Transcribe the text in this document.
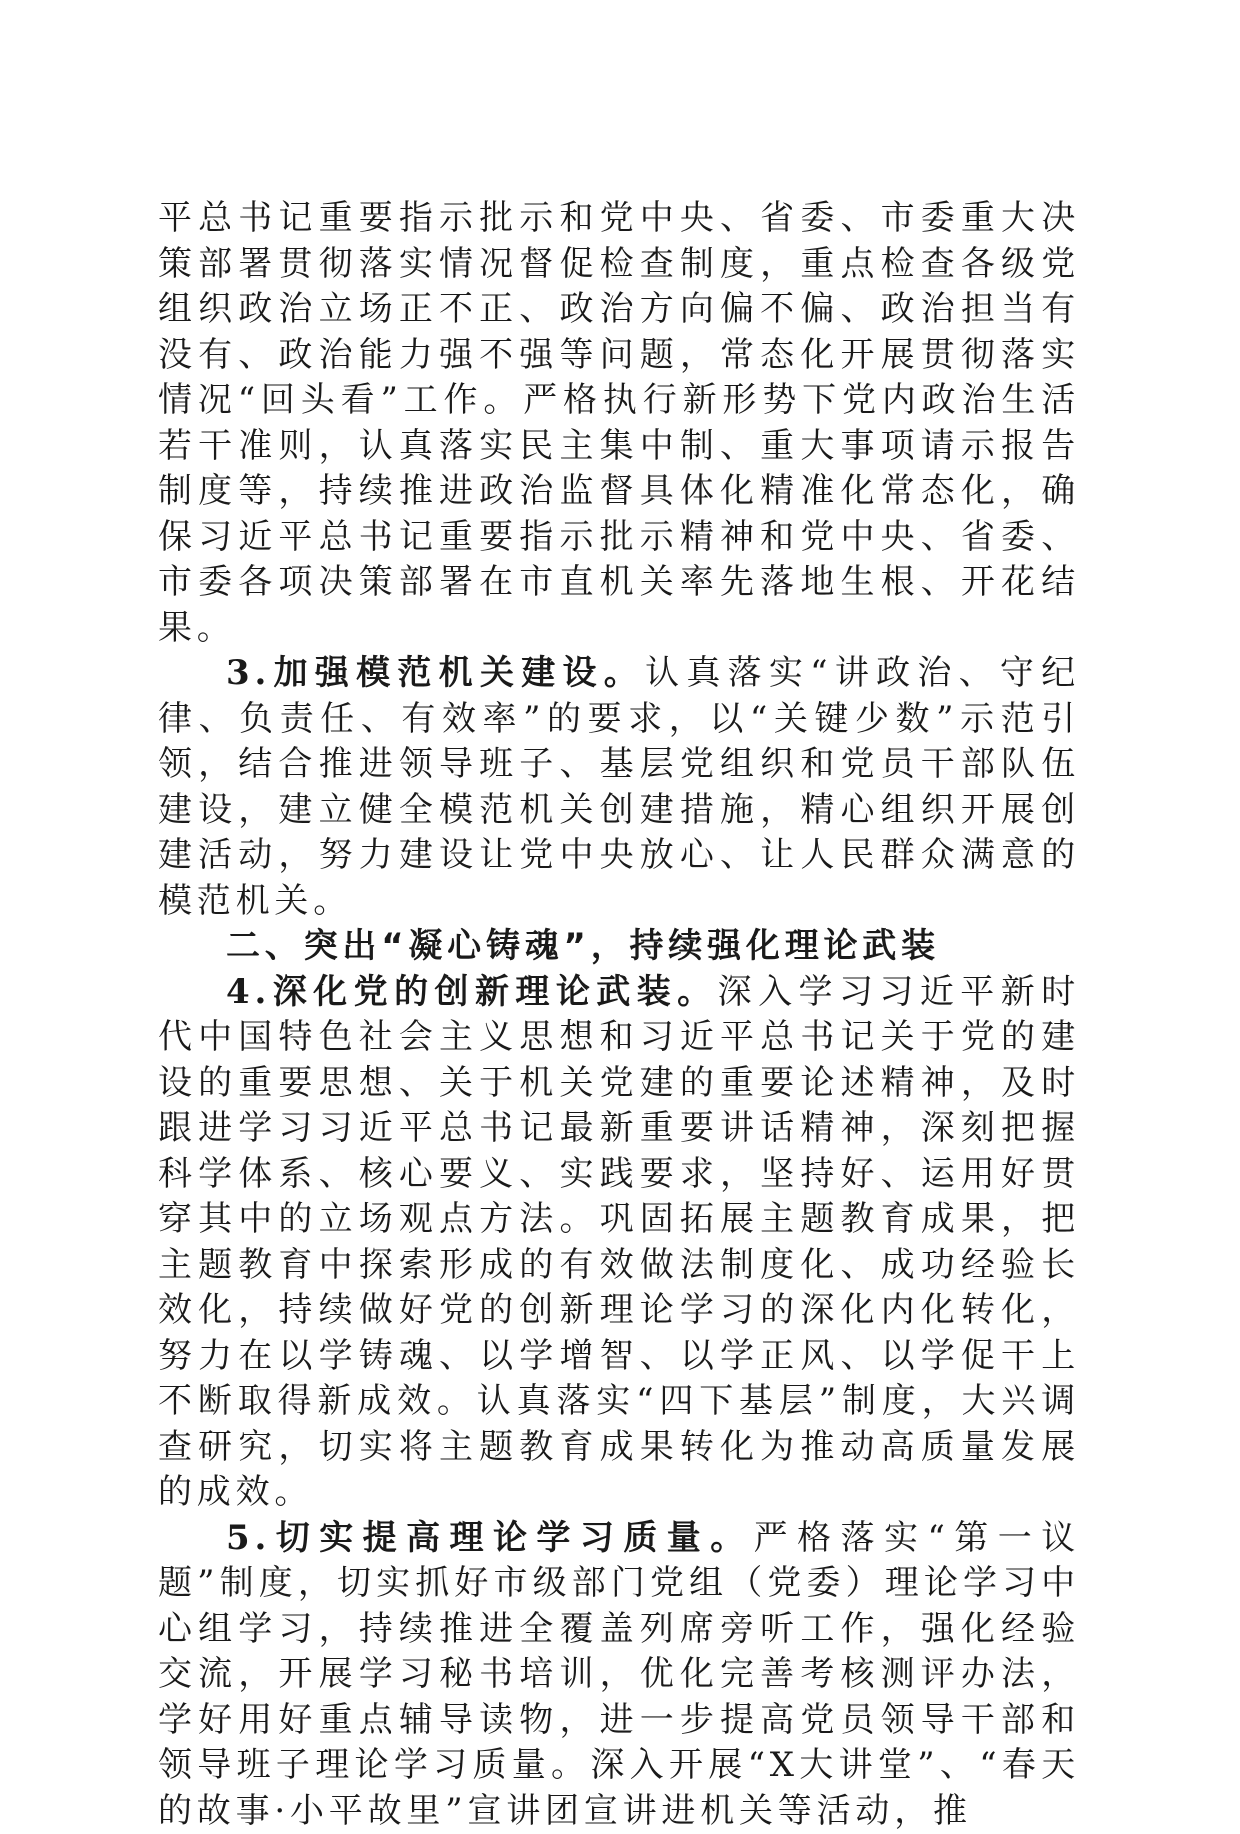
平总书记重要指示批示和党中央、省委、市委重大决策部署贯彻落实情况督促检查制度，重点检查各级党组织政治立场正不正、政治方向偏不偏、政治担当有没有、政治能力强不强等问题，常态化开展贯彻落实情况“回头看”工作。严格执行新形势下党内政治生活若干准则，认真落实民主集中制、重大事项请示报告制度等，持续推进政治监督具体化精准化常态化，确保习近平总书记重要指示批示精神和党中央、省委、市委各项决策部署在市直机关率先落地生根、开花结果。

3.加强模范机关建设。认真落实“讲政治、守纪律、负责任、有效率”的要求，以“关键少数”示范引领，结合推进领导班子、基层党组织和党员干部队伍建设，建立健全模范机关创建措施，精心组织开展创建活动，努力建设让党中央放心、让人民群众满意的模范机关。

二、突出“凝心铸魂”，持续强化理论武装

4.深化党的创新理论武装。深入学习习近平新时代中国特色社会主义思想和习近平总书记关于党的建设的重要思想、关于机关党建的重要论述精神，及时跟进学习习近平总书记最新重要讲话精神，深刻把握科学体系、核心要义、实践要求，坚持好、运用好贯穿其中的立场观点方法。巩固拓展主题教育成果，把主题教育中探索形成的有效做法制度化、成功经验长效化，持续做好党的创新理论学习的深化内化转化，努力在以学铸魂、以学增智、以学正风、以学促干上不断取得新成效。认真落实“四下基层”制度，大兴调查研究，切实将主题教育成果转化为推动高质量发展的成效。

5.切实提高理论学习质量。严格落实“第一议题”制度，切实抓好市级部门党组（党委）理论学习中心组学习，持续推进全覆盖列席旁听工作，强化经验交流，开展学习秘书培训，优化完善考核测评办法，学好用好重点辅导读物，进一步提高党员领导干部和领导班子理论学习质量。深入开展“X大讲堂”、“春天的故事·小平故里”宣讲团宣讲进机关等活动，推
